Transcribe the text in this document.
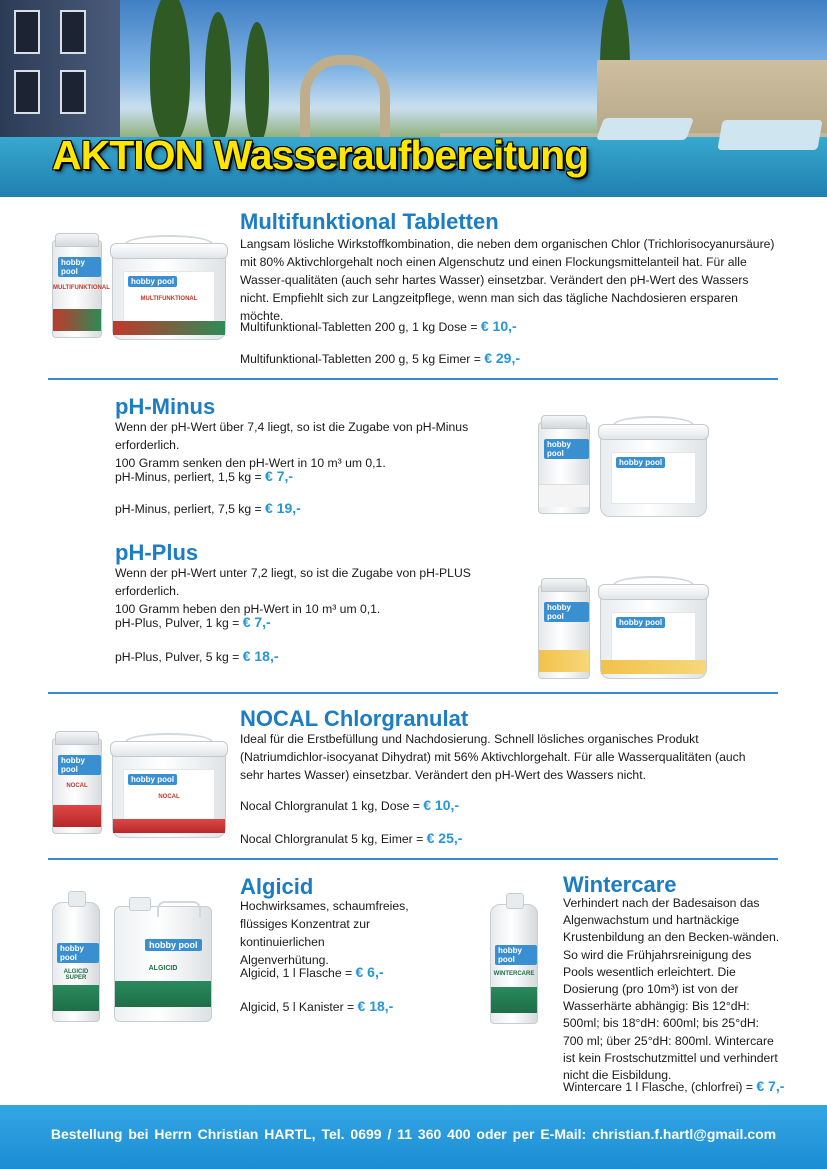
AKTION Wasseraufbereitung
hobby pool
MULTIFUNKTIONAL
hobby pool
MULTIFUNKTIONAL
Multifunktional Tabletten

Langsam lösliche Wirkstoffkombination, die neben dem organischen Chlor (Trichlorisocyanursäure) mit 80% Aktivchlorgehalt noch einen Algenschutz und einen Flockungsmittelanteil hat. Für alle Wasser-qualitäten (auch sehr hartes Wasser) einsetzbar. Verändert den pH-Wert des Wassers nicht. Empfiehlt sich zur Langzeitpflege, wenn man sich das tägliche Nachdosieren ersparen möchte.

Multifunktional-Tabletten 200 g, 1 kg Dose = € 10,-
Multifunktional-Tabletten 200 g, 5 kg Eimer = € 29,-
pH-Minus

Wenn der pH-Wert über 7,4 liegt, so ist die Zugabe von pH-Minus erforderlich.
100 Gramm senken den pH-Wert in 10 m³ um 0,1.

pH-Minus, perliert, 1,5 kg = € 7,-
pH-Minus, perliert, 7,5 kg = € 19,-
hobby pool
hobby pool
pH-Plus

Wenn der pH-Wert unter 7,2 liegt, so ist die Zugabe von pH-PLUS erforderlich.
100 Gramm heben den pH-Wert in 10 m³ um 0,1.

pH-Plus, Pulver, 1 kg = € 7,-
pH-Plus, Pulver, 5 kg = € 18,-
hobby pool
hobby pool
hobby pool
NOCAL
hobby pool
NOCAL
NOCAL Chlorgranulat

Ideal für die Erstbefüllung und Nachdosierung. Schnell lösliches organisches Produkt (Natriumdichlor-isocyanat Dihydrat) mit 56% Aktivchlorgehalt. Für alle Wasserqualitäten (auch sehr hartes Wasser) einsetzbar. Verändert den pH-Wert des Wassers nicht.

Nocal Chlorgranulat 1 kg, Dose = € 10,-
Nocal Chlorgranulat 5 kg, Eimer = € 25,-
hobby pool
ALGICID SUPER
hobby pool
ALGICID
Algicid

Hochwirksames, schaumfreies, flüssiges Konzentrat zur kontinuierlichen Algenverhütung.

Algicid, 1 l Flasche = € 6,-
Algicid, 5 l Kanister = € 18,-
hobby pool
WINTERCARE
Wintercare

Verhindert nach der Badesaison das Algenwachstum und hartnäckige Krustenbildung an den Becken-wänden. So wird die Frühjahrsreinigung des Pools wesentlich erleichtert. Die Dosierung (pro 10m³) ist von der Wasserhärte abhängig: Bis 12°dH: 500ml; bis 18°dH: 600ml; bis 25°dH: 700 ml; über 25°dH: 800ml. Wintercare ist kein Frostschutzmittel und verhindert nicht die Eisbildung.

Wintercare 1 l Flasche, (chlorfrei) = € 7,-
Bestellung bei Herrn Christian HARTL, Tel. 0699 / 11 360 400 oder per E-Mail: christian.f.hartl@gmail.com
